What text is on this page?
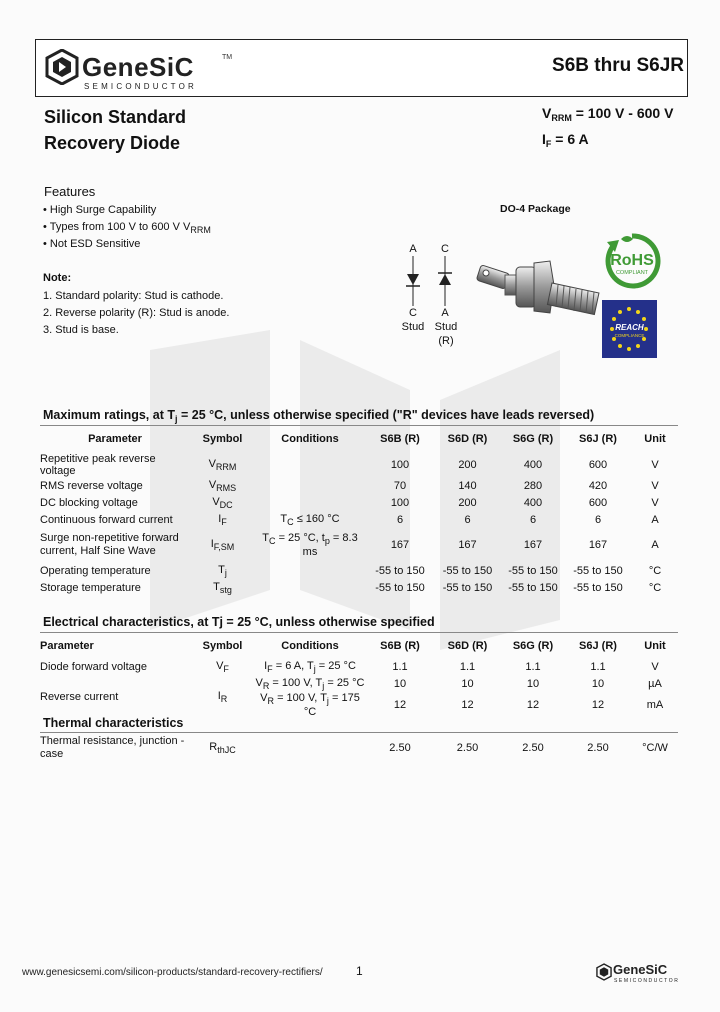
GeneSiC
SEMICONDUCTOR
TM	S6B thru S6JR
Silicon Standard
Recovery Diode
$V_{RRM} = 100$ V - 600 V
$I_F = 6$ A
Features
• High Surge Capability
• Types from 100 V to 600 V $V_{RRM}$
• Not ESD Sensitive
Note:
1. Standard polarity: Stud is cathode.
2. Reverse polarity (R): Stud is anode.
3. Stud is base.
DO-4 Package
A	C
C	A
Stud Stud
(R)
RoHS
COMPLIANT
REACH
COMPLIANCE
Maximum ratings, at $T_j = 25$ °C, unless otherwise specified ("R" devices have leads reversed)
Parameter	Symbol	Conditions	S6B (R)	S6D (R)	S6G (R)	S6J (R)	Unit

Repetitive peak reverse voltage	$V_{RRM}$		100	200	400	600	V
RMS reverse voltage	$V_{RMS}$		70	140	280	420	V
DC blocking voltage	$V_{DC}$		100	200	400	600	V
Continuous forward current	$I_F$	$T_C \le 160$ °C	6	6	6	6	A

Surge non-repetitive forward
current, Half Sine Wave	$I_{F,SM}$	$T_C = 25$ °C, $t_p = 8.3$ ms	167	167	167	167	A
Operating temperature	$T_j$		-55 to 150	-55 to 150	-55 to 150	-55 to 150	°C
Storage temperature	$T_{stg}$		-55 to 150	-55 to 150	-55 to 150	-55 to 150	°C
Electrical characteristics, at Tj = 25 °C, unless otherwise specified
Parameter	Symbol	Conditions	S6B (R)	S6D (R)	S6G (R)	S6J (R)	Unit

Diode forward voltage	$V_F$	$I_F = 6$ A, $T_j = 25$ °C	1.1	1.1	1.1	1.1	V
Reverse current	$I_R$	$V_R = 100$ V, $T_j = 25$ °C	10	10	10	10	µA
		$V_R = 100$ V, $T_j = 175$ °C	12	12	12	12	mA
Thermal characteristics
Thermal resistance, junction -
case
	$R_{thJC}$		2.50	2.50	2.50	2.50	°C/W
www.genesicsemi.com/silicon-products/standard-recovery-rectifiers/	1	GeneSiC
SEMICONDUCTOR
